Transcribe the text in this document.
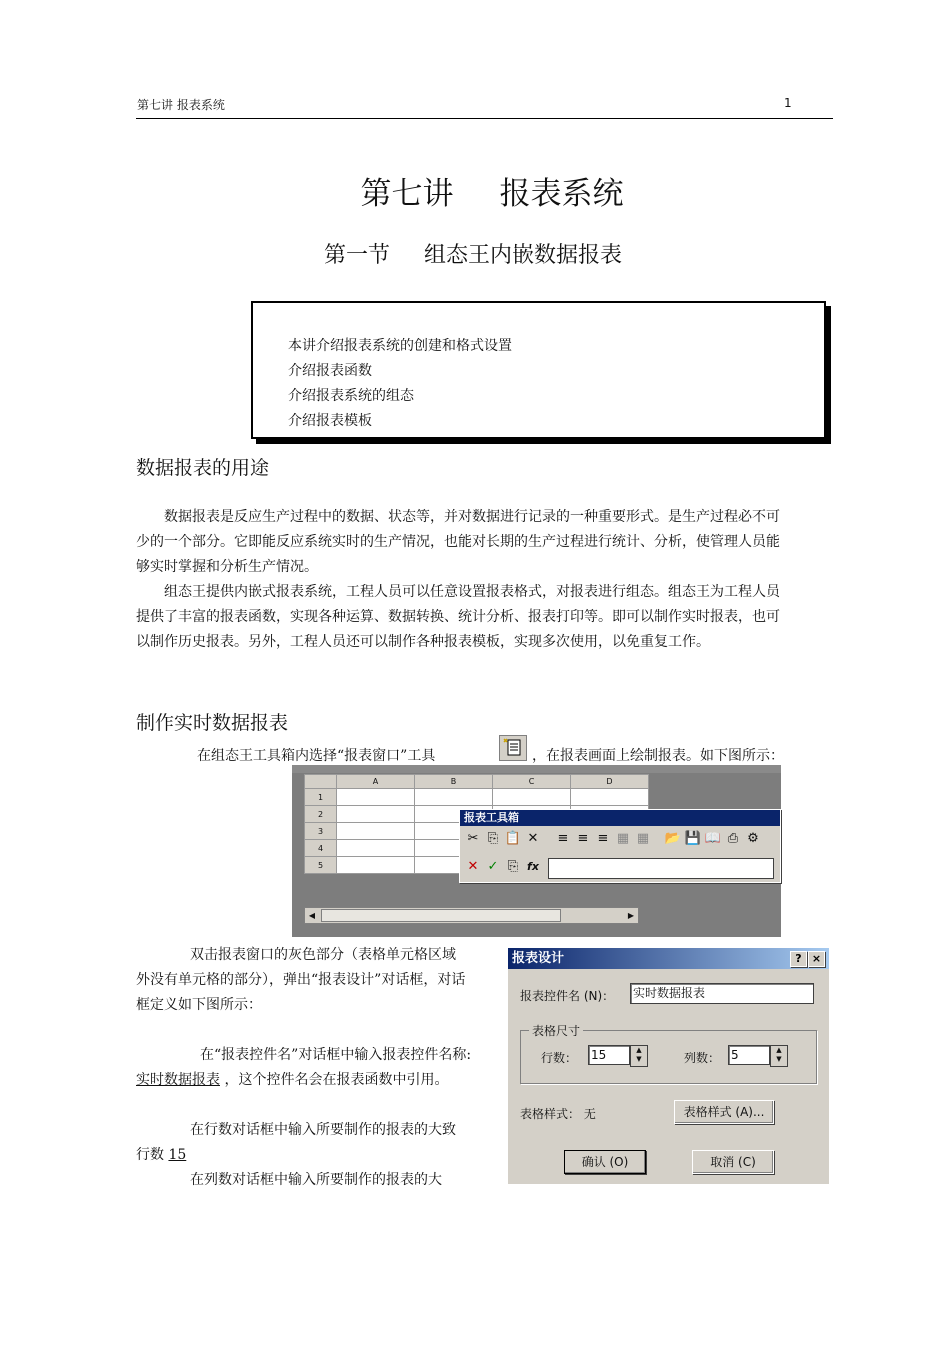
第七讲 报表系统	1
第七讲 报表系统
第一节 组态王内嵌数据报表
本讲介绍报表系统的创建和格式设置
介绍报表函数
介绍报表系统的组态
介绍报表模板
数据报表的用途
数据报表是反应生产过程中的数据、状态等，并对数据进行记录的一种重要形式。是生产过程必不可少的一个部分。它即能反应系统实时的生产情况，也能对长期的生产过程进行统计、分析，使管理人员能够实时掌握和分析生产情况。
组态王提供内嵌式报表系统，工程人员可以任意设置报表格式，对报表进行组态。组态王为工程人员提供了丰富的报表函数，实现各种运算、数据转换、统计分析、报表打印等。即可以制作实时报表，也可以制作历史报表。另外，工程人员还可以制作各种报表模板，实现多次使用，以免重复工作。
制作实时数据报表
在组态王工具箱内选择“报表窗口”工具	，在报表画面上绘制报表。如下图所示：
	A	B	C	D
1				
2				
3				
4				
5				
◀	▶
报表工具箱
✂ ⎘ 📋 ✕ ≡ ≡ ≡ ▦ ▦ 📂 💾 📖 ⎙ ⚙
✕ ✓ ⎘ fx
双击报表窗口的灰色部分（表格单元格区域外没有单元格的部分），弹出“报表设计”对话框，对话框定义如下图所示：
在“报表控件名”对话框中输入报表控件名称: 实时数据报表 ，这个控件名会在报表函数中引用。
在行数对话框中输入所要制作的报表的大致行数 15
在列数对话框中输入所要制作的报表的大
报表设计	? ×
报表控件名 (N)： 实时数据报表
表格尺寸
行数： 15	▲
▼	列数： 5	▲
▼
表格样式： 无	表格样式 (A)...
确认 (O)	取消 (C)
